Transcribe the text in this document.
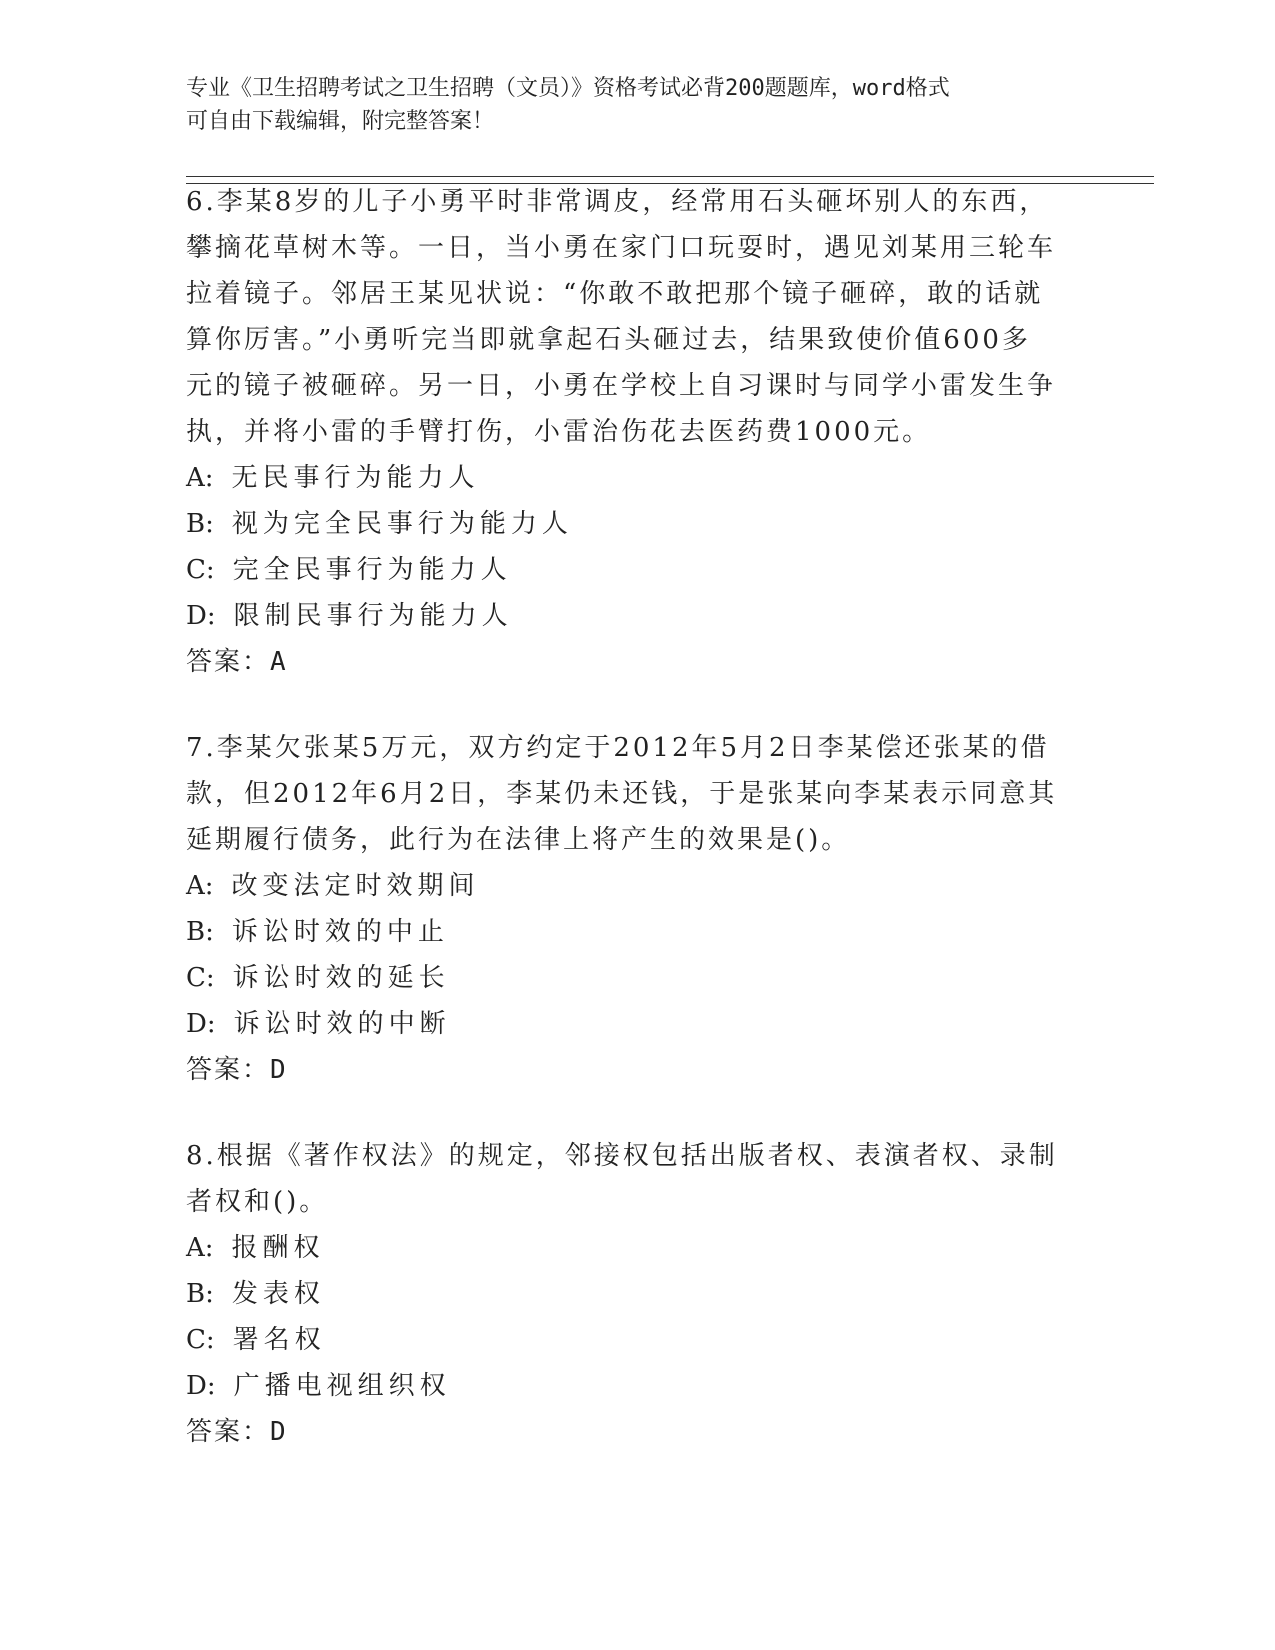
专业《卫生招聘考试之卫生招聘（文员）》资格考试必背200题题库，word格式
可自由下载编辑，附完整答案！
6.李某8岁的儿子小勇平时非常调皮，经常用石头砸坏别人的东西，
攀摘花草树木等。一日，当小勇在家门口玩耍时，遇见刘某用三轮车
拉着镜子。邻居王某见状说：“你敢不敢把那个镜子砸碎，敢的话就
算你厉害。”小勇听完当即就拿起石头砸过去，结果致使价值600多
元的镜子被砸碎。另一日，小勇在学校上自习课时与同学小雷发生争
执，并将小雷的手臂打伤，小雷治伤花去医药费1000元。
A: 无民事行为能力人
B: 视为完全民事行为能力人
C: 完全民事行为能力人
D: 限制民事行为能力人
答案：A
7.李某欠张某5万元，双方约定于2012年5月2日李某偿还张某的借
款，但2012年6月2日，李某仍未还钱，于是张某向李某表示同意其
延期履行债务，此行为在法律上将产生的效果是()。
A: 改变法定时效期间
B: 诉讼时效的中止
C: 诉讼时效的延长
D: 诉讼时效的中断
答案：D
8.根据《著作权法》的规定，邻接权包括出版者权、表演者权、录制
者权和()。
A: 报酬权
B: 发表权
C: 署名权
D: 广播电视组织权
答案：D
